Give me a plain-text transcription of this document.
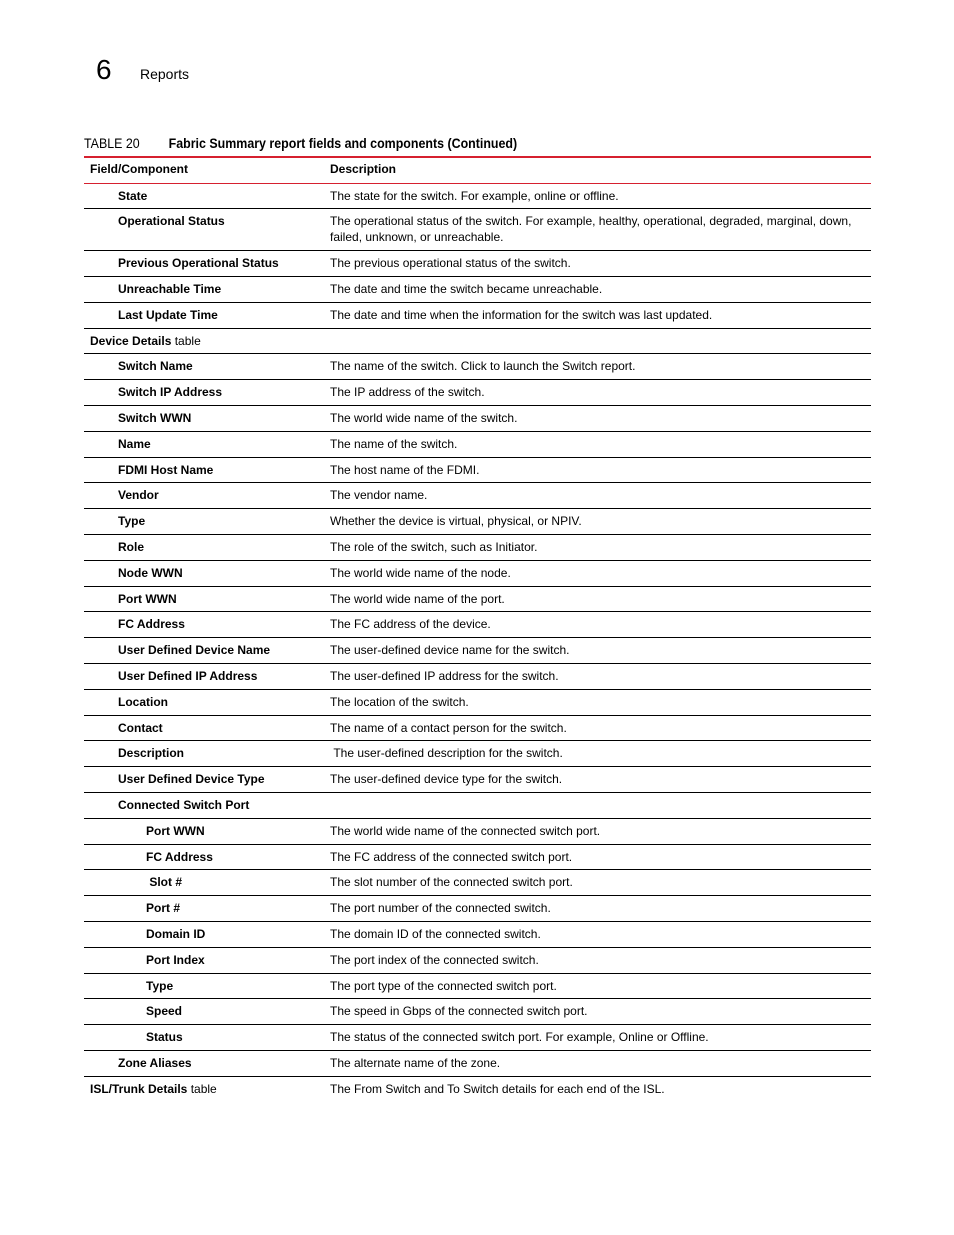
6 Reports
TABLE 20 Fabric Summary report fields and components (Continued)
Field/Component	Description
State	The state for the switch. For example, online or offline.
Operational Status	The operational status of the switch. For example, healthy, operational, degraded, marginal, down, failed, unknown, or unreachable.
Previous Operational Status	The previous operational status of the switch.
Unreachable Time	The date and time the switch became unreachable.
Last Update Time	The date and time when the information for the switch was last updated.
Device Details table	
Switch Name	The name of the switch. Click to launch the Switch report.
Switch IP Address	The IP address of the switch.
Switch WWN	The world wide name of the switch.
Name	The name of the switch.
FDMI Host Name	The host name of the FDMI.
Vendor	The vendor name.
Type	Whether the device is virtual, physical, or NPIV.
Role	The role of the switch, such as Initiator.
Node WWN	The world wide name of the node.
Port WWN	The world wide name of the port.
FC Address	The FC address of the device.
User Defined Device Name	The user-defined device name for the switch.
User Defined IP Address	The user-defined IP address for the switch.
Location	The location of the switch.
Contact	The name of a contact person for the switch.
Description	The user-defined description for the switch.
User Defined Device Type	The user-defined device type for the switch.
Connected Switch Port	
Port WWN	The world wide name of the connected switch port.
FC Address	The FC address of the connected switch port.
Slot #	The slot number of the connected switch port.
Port #	The port number of the connected switch.
Domain ID	The domain ID of the connected switch.
Port Index	The port index of the connected switch.
Type	The port type of the connected switch port.
Speed	The speed in Gbps of the connected switch port.
Status	The status of the connected switch port. For example, Online or Offline.
Zone Aliases	The alternate name of the zone.
ISL/Trunk Details table	The From Switch and To Switch details for each end of the ISL.
